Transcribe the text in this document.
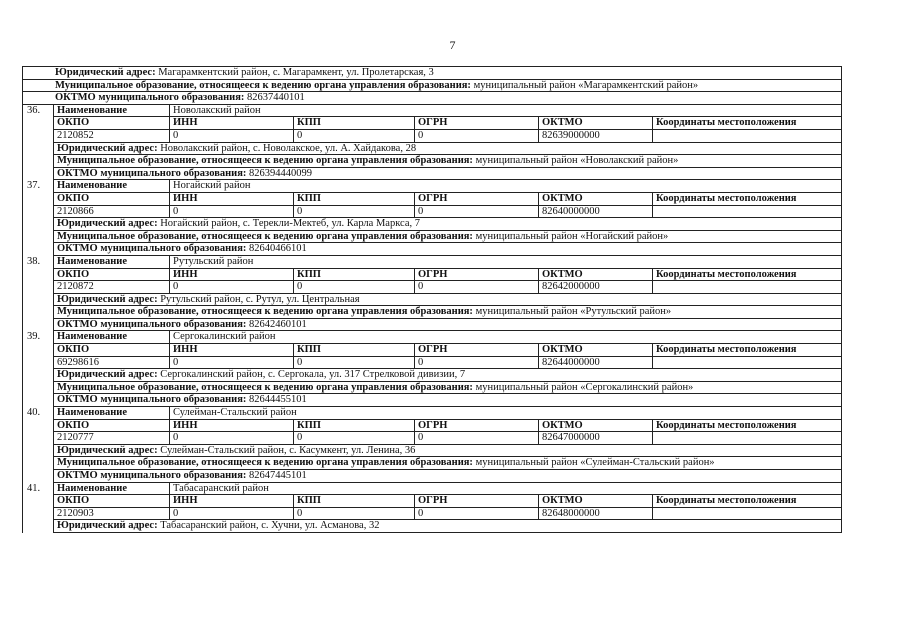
7
Юридический адрес: Магарамкентский район, с. Магарамкент, ул. Пролетарская, 3
Муниципальное образование, относящееся к ведению органа управления образования: муниципальный район «Магарамкентский район»
ОКТМО муниципального образования: 82637440101
36.	Наименование	Новолакский район
ОКПО	ИНН	КПП	ОГРН	ОКТМО	Координаты местоположения
2120852	0	0	0	82639000000
Юридический адрес: Новолакский район, с. Новолакское, ул. А. Хайдакова, 28
Муниципальное образование, относящееся к ведению органа управления образования: муниципальный район «Новолакский район»
ОКТМО муниципального образования: 826394440099
37.	Наименование	Ногайский район
ОКПО	ИНН	КПП	ОГРН	ОКТМО	Координаты местоположения
2120866	0	0	0	82640000000
Юридический адрес: Ногайский район, с. Терекли-Мектеб, ул. Карла Маркса, 7
Муниципальное образование, относящееся к ведению органа управления образования: муниципальный район «Ногайский район»
ОКТМО муниципального образования: 82640466101
38.	Наименование	Рутульский район
ОКПО	ИНН	КПП	ОГРН	ОКТМО	Координаты местоположения
2120872	0	0	0	82642000000
Юридический адрес: Рутульский район, с. Рутул, ул. Центральная
Муниципальное образование, относящееся к ведению органа управления образования: муниципальный район «Рутульский район»
ОКТМО муниципального образования: 82642460101
39.	Наименование	Сергокалинский район
ОКПО	ИНН	КПП	ОГРН	ОКТМО	Координаты местоположения
69298616	0	0	0	82644000000
Юридический адрес: Сергокалинский район, с. Сергокала, ул. 317 Стрелковой дивизии, 7
Муниципальное образование, относящееся к ведению органа управления образования: муниципальный район «Сергокалинский район»
ОКТМО муниципального образования: 82644455101
40.	Наименование	Сулейман-Стальский район
ОКПО	ИНН	КПП	ОГРН	ОКТМО	Координаты местоположения
2120777	0	0	0	82647000000
Юридический адрес: Сулейман-Стальский район, с. Касумкент, ул. Ленина, 36
Муниципальное образование, относящееся к ведению органа управления образования: муниципальный район «Сулейман-Стальский район»
ОКТМО муниципального образования: 82647445101
41.	Наименование	Табасаранский район
ОКПО	ИНН	КПП	ОГРН	ОКТМО	Координаты местоположения
2120903	0	0	0	82648000000
Юридический адрес: Табасаранский район, с. Хучни, ул. Асманова, 32
